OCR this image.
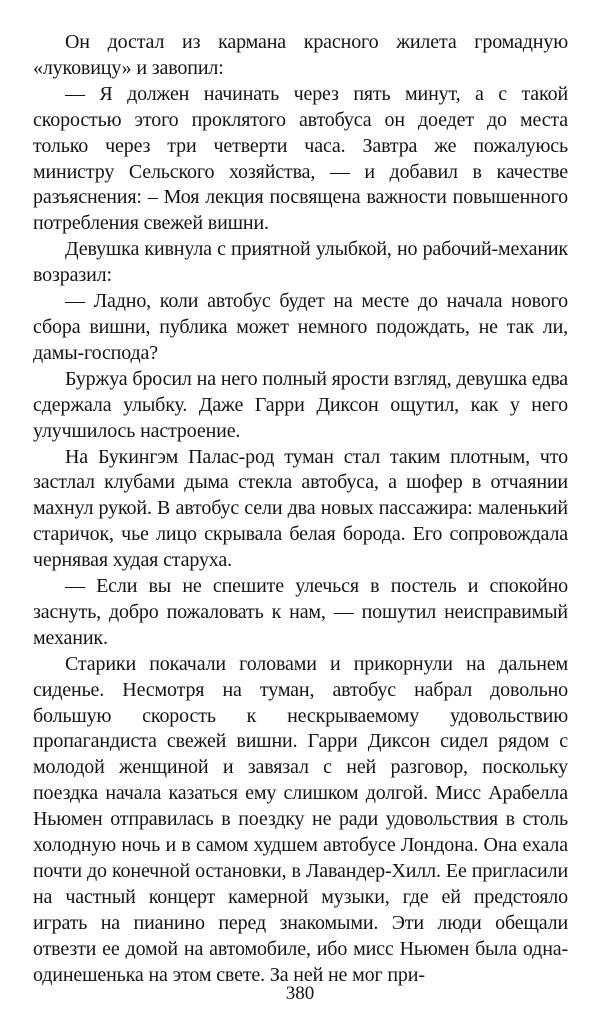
Он достал из кармана красного жилета громадную «луковицу» и завопил:

— Я должен начинать через пять минут, а с такой скоростью этого проклятого автобуса он доедет до места только через три четверти часа. Завтра же пожалуюсь министру Сельского хозяйства, — и добавил в качестве разъяснения: – Моя лекция посвящена важности повышенного потребления свежей вишни.

Девушка кивнула с приятной улыбкой, но рабочий-механик возразил:

— Ладно, коли автобус будет на месте до начала нового сбора вишни, публика может немного подождать, не так ли, дамы-господа?

Буржуа бросил на него полный ярости взгляд, девушка едва сдержала улыбку. Даже Гарри Диксон ощутил, как у него улучшилось настроение.

На Букингэм Палас-род туман стал таким плотным, что застлал клубами дыма стекла автобуса, а шофер в отчаянии махнул рукой. В автобус сели два новых пассажира: маленький старичок, чье лицо скрывала белая борода. Его сопровождала чернявая худая старуха.

— Если вы не спешите улечься в постель и спокойно заснуть, добро пожаловать к нам, — пошутил неисправимый механик.

Старики покачали головами и прикорнули на дальнем сиденье. Несмотря на туман, автобус набрал довольно большую скорость к нескрываемому удовольствию пропагандиста свежей вишни. Гарри Диксон сидел рядом с молодой женщиной и завязал с ней разговор, поскольку поездка начала казаться ему слишком долгой. Мисс Арабелла Ньюмен отправилась в поездку не ради удовольствия в столь холодную ночь и в самом худшем автобусе Лондона. Она ехала почти до конечной остановки, в Лавандер-Хилл. Ее пригласили на частный концерт камерной музыки, где ей предстояло играть на пианино перед знакомыми. Эти люди обещали отвезти ее домой на автомобиле, ибо мисс Ньюмен была одна-одинешенька на этом свете. За ней не мог при-

380
